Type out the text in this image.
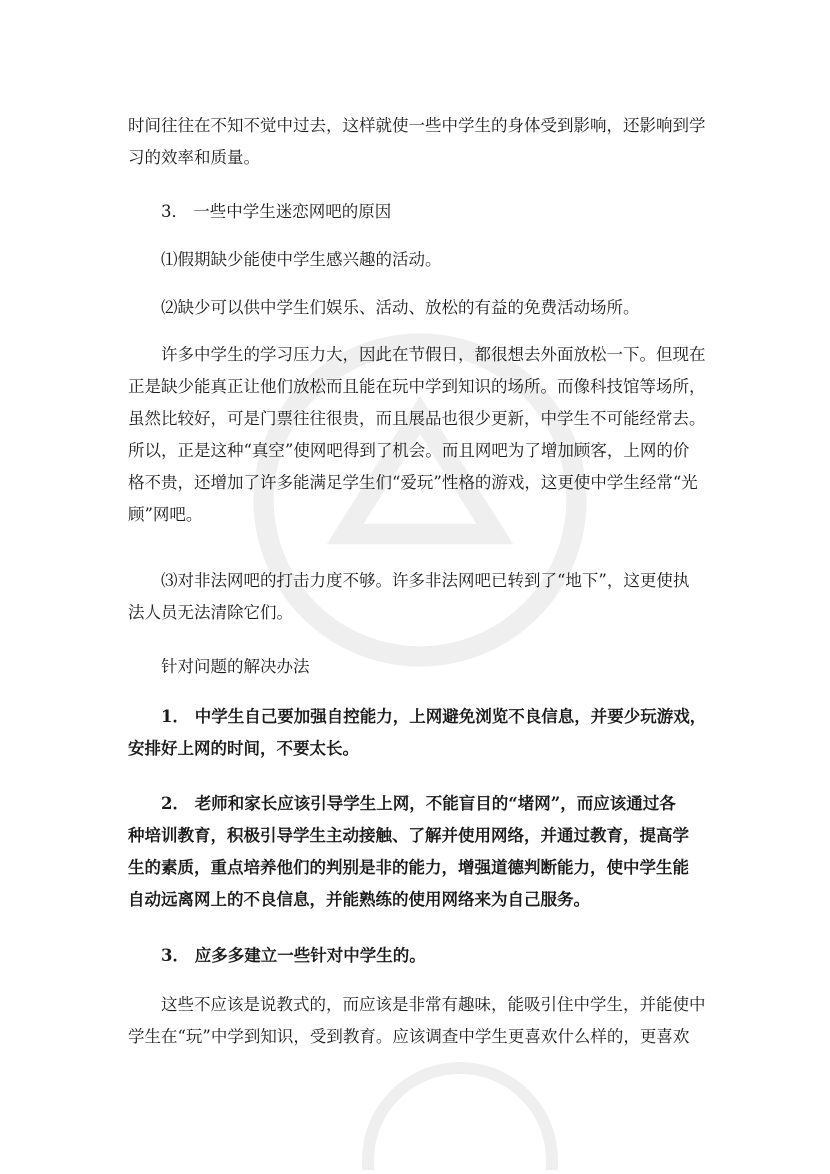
时间往往在不知不觉中过去，这样就使一些中学生的身体受到影响，还影响到学
习的效率和质量。
3． 一些中学生迷恋网吧的原因
⑴假期缺少能使中学生感兴趣的活动。
⑵缺少可以供中学生们娱乐、活动、放松的有益的免费活动场所。
许多中学生的学习压力大，因此在节假日，都很想去外面放松一下。但现在
正是缺少能真正让他们放松而且能在玩中学到知识的场所。而像科技馆等场所，
虽然比较好，可是门票往往很贵，而且展品也很少更新，中学生不可能经常去。
所以，正是这种“真空”使网吧得到了机会。而且网吧为了增加顾客，上网的价
格不贵，还增加了许多能满足学生们“爱玩”性格的游戏，这更使中学生经常“光
顾”网吧。
⑶对非法网吧的打击力度不够。许多非法网吧已转到了“地下”，这更使执
法人员无法清除它们。
针对问题的解决办法
1． 中学生自己要加强自控能力，上网避免浏览不良信息，并要少玩游戏，
安排好上网的时间，不要太长。
2． 老师和家长应该引导学生上网，不能盲目的“堵网”，而应该通过各
种培训教育，积极引导学生主动接触、了解并使用网络，并通过教育，提高学
生的素质，重点培养他们的判别是非的能力，增强道德判断能力，使中学生能
自动远离网上的不良信息，并能熟练的使用网络来为自己服务。
3． 应多多建立一些针对中学生的。
这些不应该是说教式的，而应该是非常有趣味，能吸引住中学生，并能使中
学生在“玩”中学到知识，受到教育。应该调查中学生更喜欢什么样的，更喜欢
